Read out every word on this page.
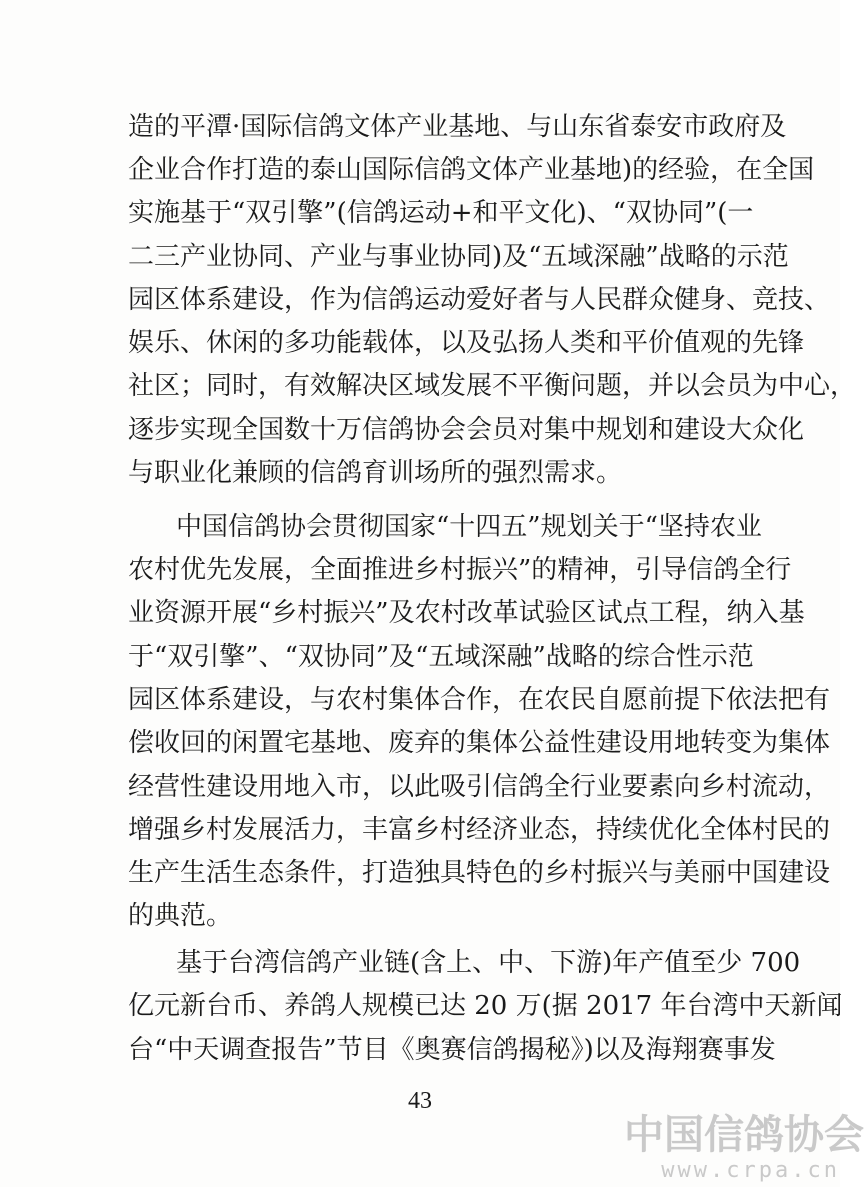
造的平潭·国际信鸽文体产业基地、与山东省泰安市政府及
企业合作打造的泰山国际信鸽文体产业基地)的经验，在全国
实施基于“双引擎”(信鸽运动+和平文化)、“双协同”(一
二三产业协同、产业与事业协同)及“五域深融”战略的示范
园区体系建设，作为信鸽运动爱好者与人民群众健身、竞技、
娱乐、休闲的多功能载体，以及弘扬人类和平价值观的先锋
社区；同时，有效解决区域发展不平衡问题，并以会员为中心，
逐步实现全国数十万信鸽协会会员对集中规划和建设大众化
与职业化兼顾的信鸽育训场所的强烈需求。
中国信鸽协会贯彻国家“十四五”规划关于“坚持农业
农村优先发展，全面推进乡村振兴”的精神，引导信鸽全行
业资源开展“乡村振兴”及农村改革试验区试点工程，纳入基
于“双引擎”、“双协同”及“五域深融”战略的综合性示范
园区体系建设，与农村集体合作，在农民自愿前提下依法把有
偿收回的闲置宅基地、废弃的集体公益性建设用地转变为集体
经营性建设用地入市，以此吸引信鸽全行业要素向乡村流动，
增强乡村发展活力，丰富乡村经济业态，持续优化全体村民的
生产生活生态条件，打造独具特色的乡村振兴与美丽中国建设
的典范。
基于台湾信鸽产业链(含上、中、下游)年产值至少 700
亿元新台币、养鸽人规模已达 20 万(据 2017 年台湾中天新闻
台“中天调查报告”节目《奥赛信鸽揭秘》)以及海翔赛事发
43
中国信鸽协会
www.crpa.cn
